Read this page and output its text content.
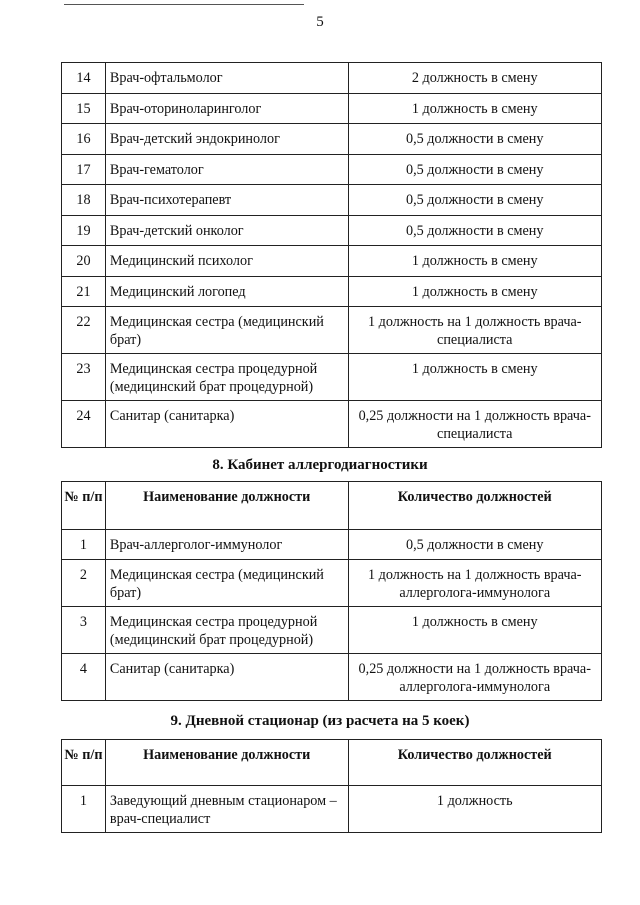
5
14	Врач-офтальмолог	2 должность в смену
15	Врач-оториноларинголог	1 должность в смену
16	Врач-детский эндокринолог	0,5 должности в смену
17	Врач-гематолог	0,5 должности в смену
18	Врач-психотерапевт	0,5 должности в смену
19	Врач-детский онколог	0,5 должности в смену
20	Медицинский психолог	1 должность в смену
21	Медицинский логопед	1 должность в смену
22	Медицинская сестра (медицинский брат)	1 должность на 1 должность врача-специалиста
23	Медицинская сестра процедурной (медицинский брат процедурной)	1 должность в смену
24	Санитар (санитарка)	0,25 должности на 1 должность врача-специалиста
8. Кабинет аллергодиагностики
№ п/п	Наименование должности	Количество должностей
1	Врач-аллерголог-иммунолог	0,5 должности в смену
2	Медицинская сестра (медицинский брат)	1 должность на 1 должность врача-аллерголога-иммунолога
3	Медицинская сестра процедурной (медицинский брат процедурной)	1 должность в смену
4	Санитар (санитарка)	0,25 должности на 1 должность врача-аллерголога-иммунолога
9. Дневной стационар (из расчета на 5 коек)
№ п/п	Наименование должности	Количество должностей
1	Заведующий дневным стационаром – врач-специалист	1 должность
